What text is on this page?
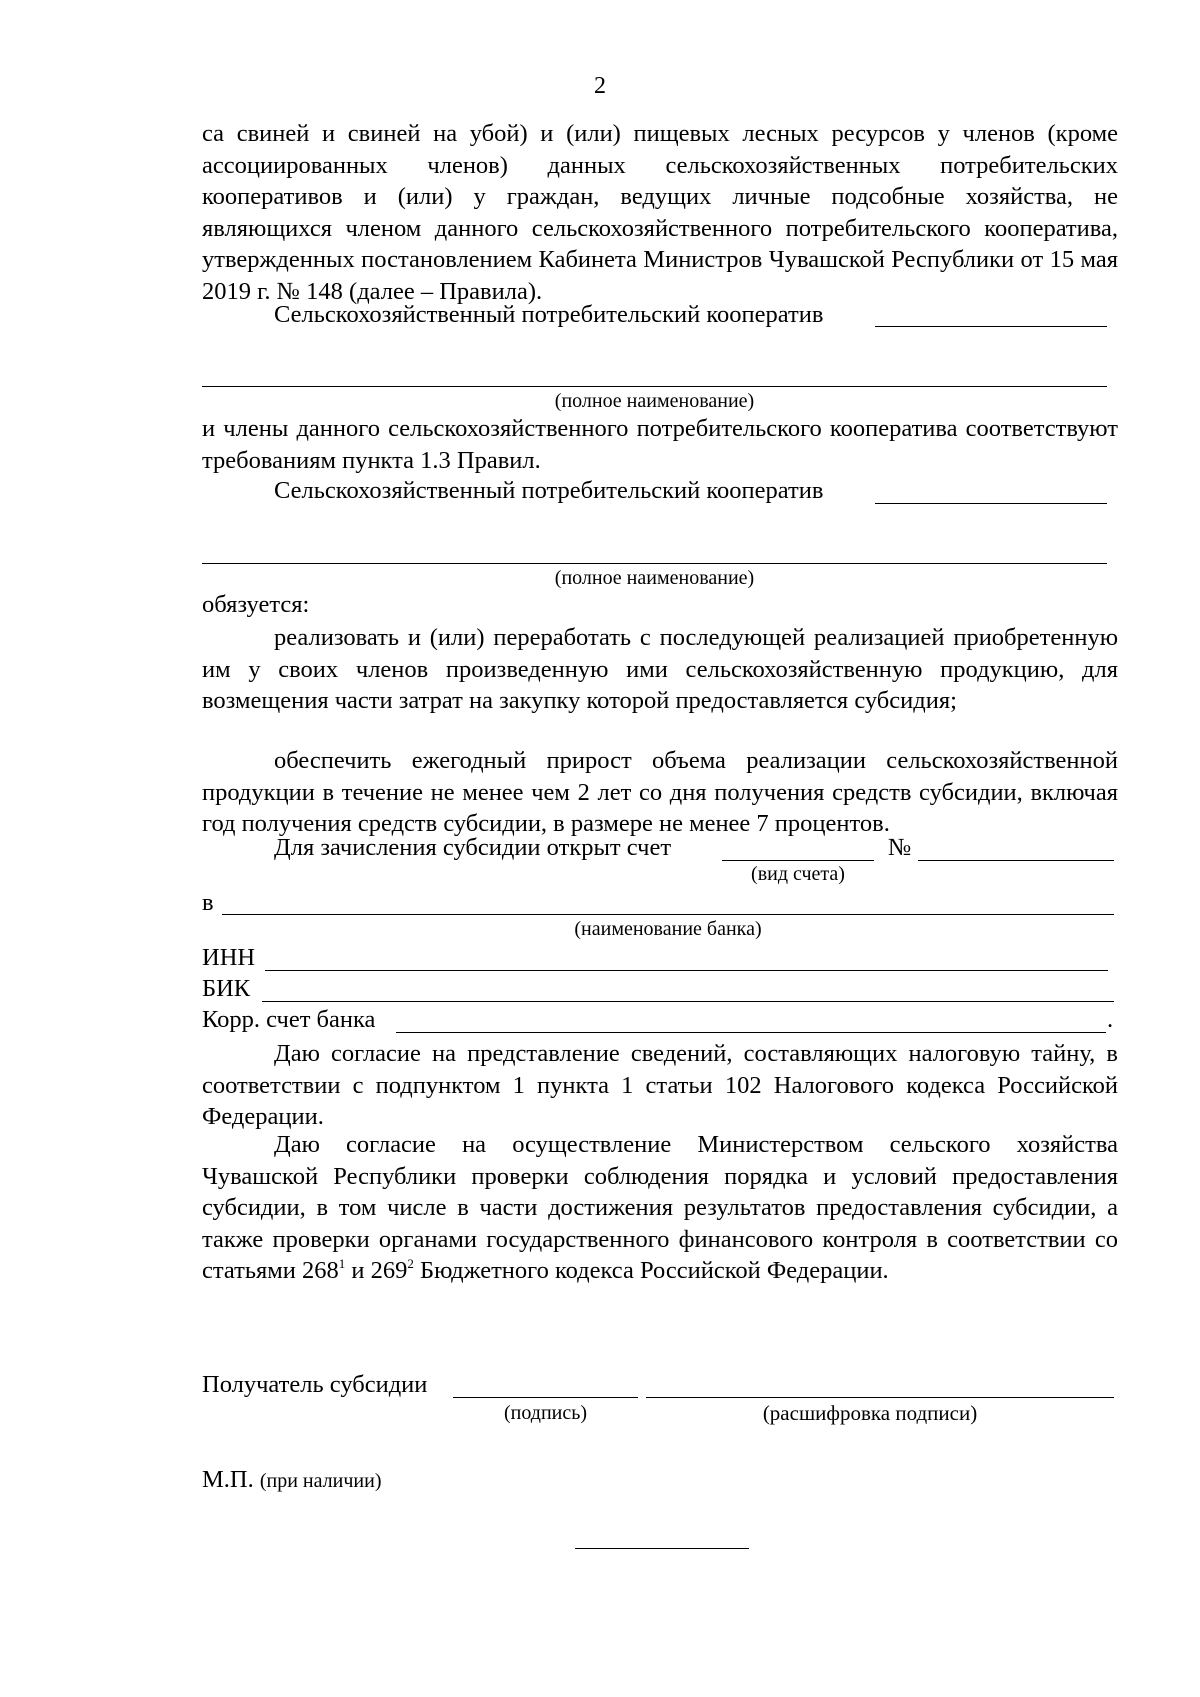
2
са свиней и свиней на убой) и (или) пищевых лесных ресурсов у членов (кроме ассоциированных членов) данных сельскохозяйственных потребительских кооперативов и (или) у граждан, ведущих личные подсобные хозяйства, не являющихся членом данного сельскохозяйственного потребительского кооператива, утвержденных постановлением Кабинета Министров Чувашской Республики от 15 мая 2019 г. № 148 (далее – Правила).
Сельскохозяйственный потребительский кооператив
(полное наименование)
и члены данного сельскохозяйственного потребительского кооператива соответствуют требованиям пункта 1.3 Правил.
Сельскохозяйственный потребительский кооператив
(полное наименование)
обязуется:
реализовать и (или) переработать с последующей реализацией приобретенную им у своих членов произведенную ими сельскохозяйственную продукцию, для возмещения части затрат на закупку которой предоставляется субсидия;
обеспечить ежегодный прирост объема реализации сельскохозяйственной продукции в течение не менее чем 2 лет со дня получения средств субсидии, включая год получения средств субсидии, в размере не менее 7 процентов.
Для зачисления субсидии открыт счет	№
(вид счета)
в
(наименование банка)
ИНН
БИК
Корр. счет банка	.
Даю согласие на представление сведений, составляющих налоговую тайну, в соответствии с подпунктом 1 пункта 1 статьи 102 Налогового кодекса Российской Федерации.
Даю согласие на осуществление Министерством сельского хозяйства Чувашской Республики проверки соблюдения порядка и условий предоставления субсидии, в том числе в части достижения результатов предоставления субсидии, а также проверки органами государственного финансового контроля в соответствии со статьями $268^1$ и $269^2$ Бюджетного кодекса Российской Федерации.
Получатель субсидии
(подпись)	(расшифровка подписи)
М.П. (при наличии)
